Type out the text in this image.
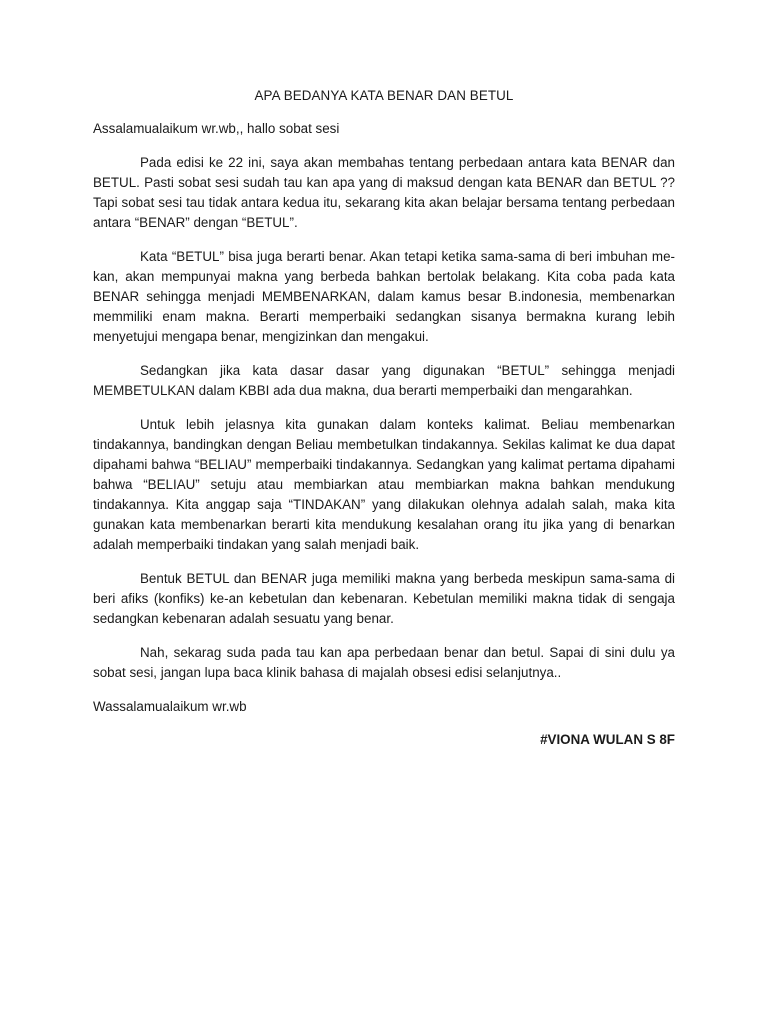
APA BEDANYA KATA BENAR DAN BETUL

Assalamualaikum wr.wb,, hallo sobat sesi

Pada edisi ke 22 ini, saya akan membahas tentang perbedaan antara kata BENAR dan BETUL. Pasti sobat sesi sudah tau kan apa yang di maksud dengan kata BENAR dan BETUL ?? Tapi sobat sesi tau tidak antara kedua itu, sekarang kita akan belajar bersama tentang perbedaan antara “BENAR” dengan “BETUL”.

Kata “BETUL” bisa juga berarti benar. Akan tetapi ketika sama-sama di beri imbuhan me-kan, akan mempunyai makna yang berbeda bahkan bertolak belakang. Kita coba pada kata BENAR sehingga menjadi MEMBENARKAN, dalam kamus besar B.indonesia, membenarkan memmiliki enam makna. Berarti memperbaiki sedangkan sisanya bermakna kurang lebih menyetujui mengapa benar, mengizinkan dan mengakui.

Sedangkan jika kata dasar dasar yang digunakan “BETUL” sehingga menjadi MEMBETULKAN dalam KBBI ada dua makna, dua berarti memperbaiki dan mengarahkan.

Untuk lebih jelasnya kita gunakan dalam konteks kalimat. Beliau membenarkan tindakannya, bandingkan dengan Beliau membetulkan tindakannya. Sekilas kalimat ke dua dapat dipahami bahwa “BELIAU” memperbaiki tindakannya. Sedangkan yang kalimat pertama dipahami bahwa “BELIAU” setuju atau membiarkan atau membiarkan makna bahkan mendukung tindakannya. Kita anggap saja “TINDAKAN” yang dilakukan olehnya adalah salah, maka kita gunakan kata membenarkan berarti kita mendukung kesalahan orang itu jika yang di benarkan adalah memperbaiki tindakan yang salah menjadi baik.

Bentuk BETUL dan BENAR juga memiliki makna yang berbeda meskipun sama-sama di beri afiks (konfiks) ke-an kebetulan dan kebenaran. Kebetulan memiliki makna tidak di sengaja sedangkan kebenaran adalah sesuatu yang benar.

Nah, sekarag suda pada tau kan apa perbedaan benar dan betul. Sapai di sini dulu ya sobat sesi, jangan lupa baca klinik bahasa di majalah obsesi edisi selanjutnya..

Wassalamualaikum wr.wb

#VIONA WULAN S 8F
